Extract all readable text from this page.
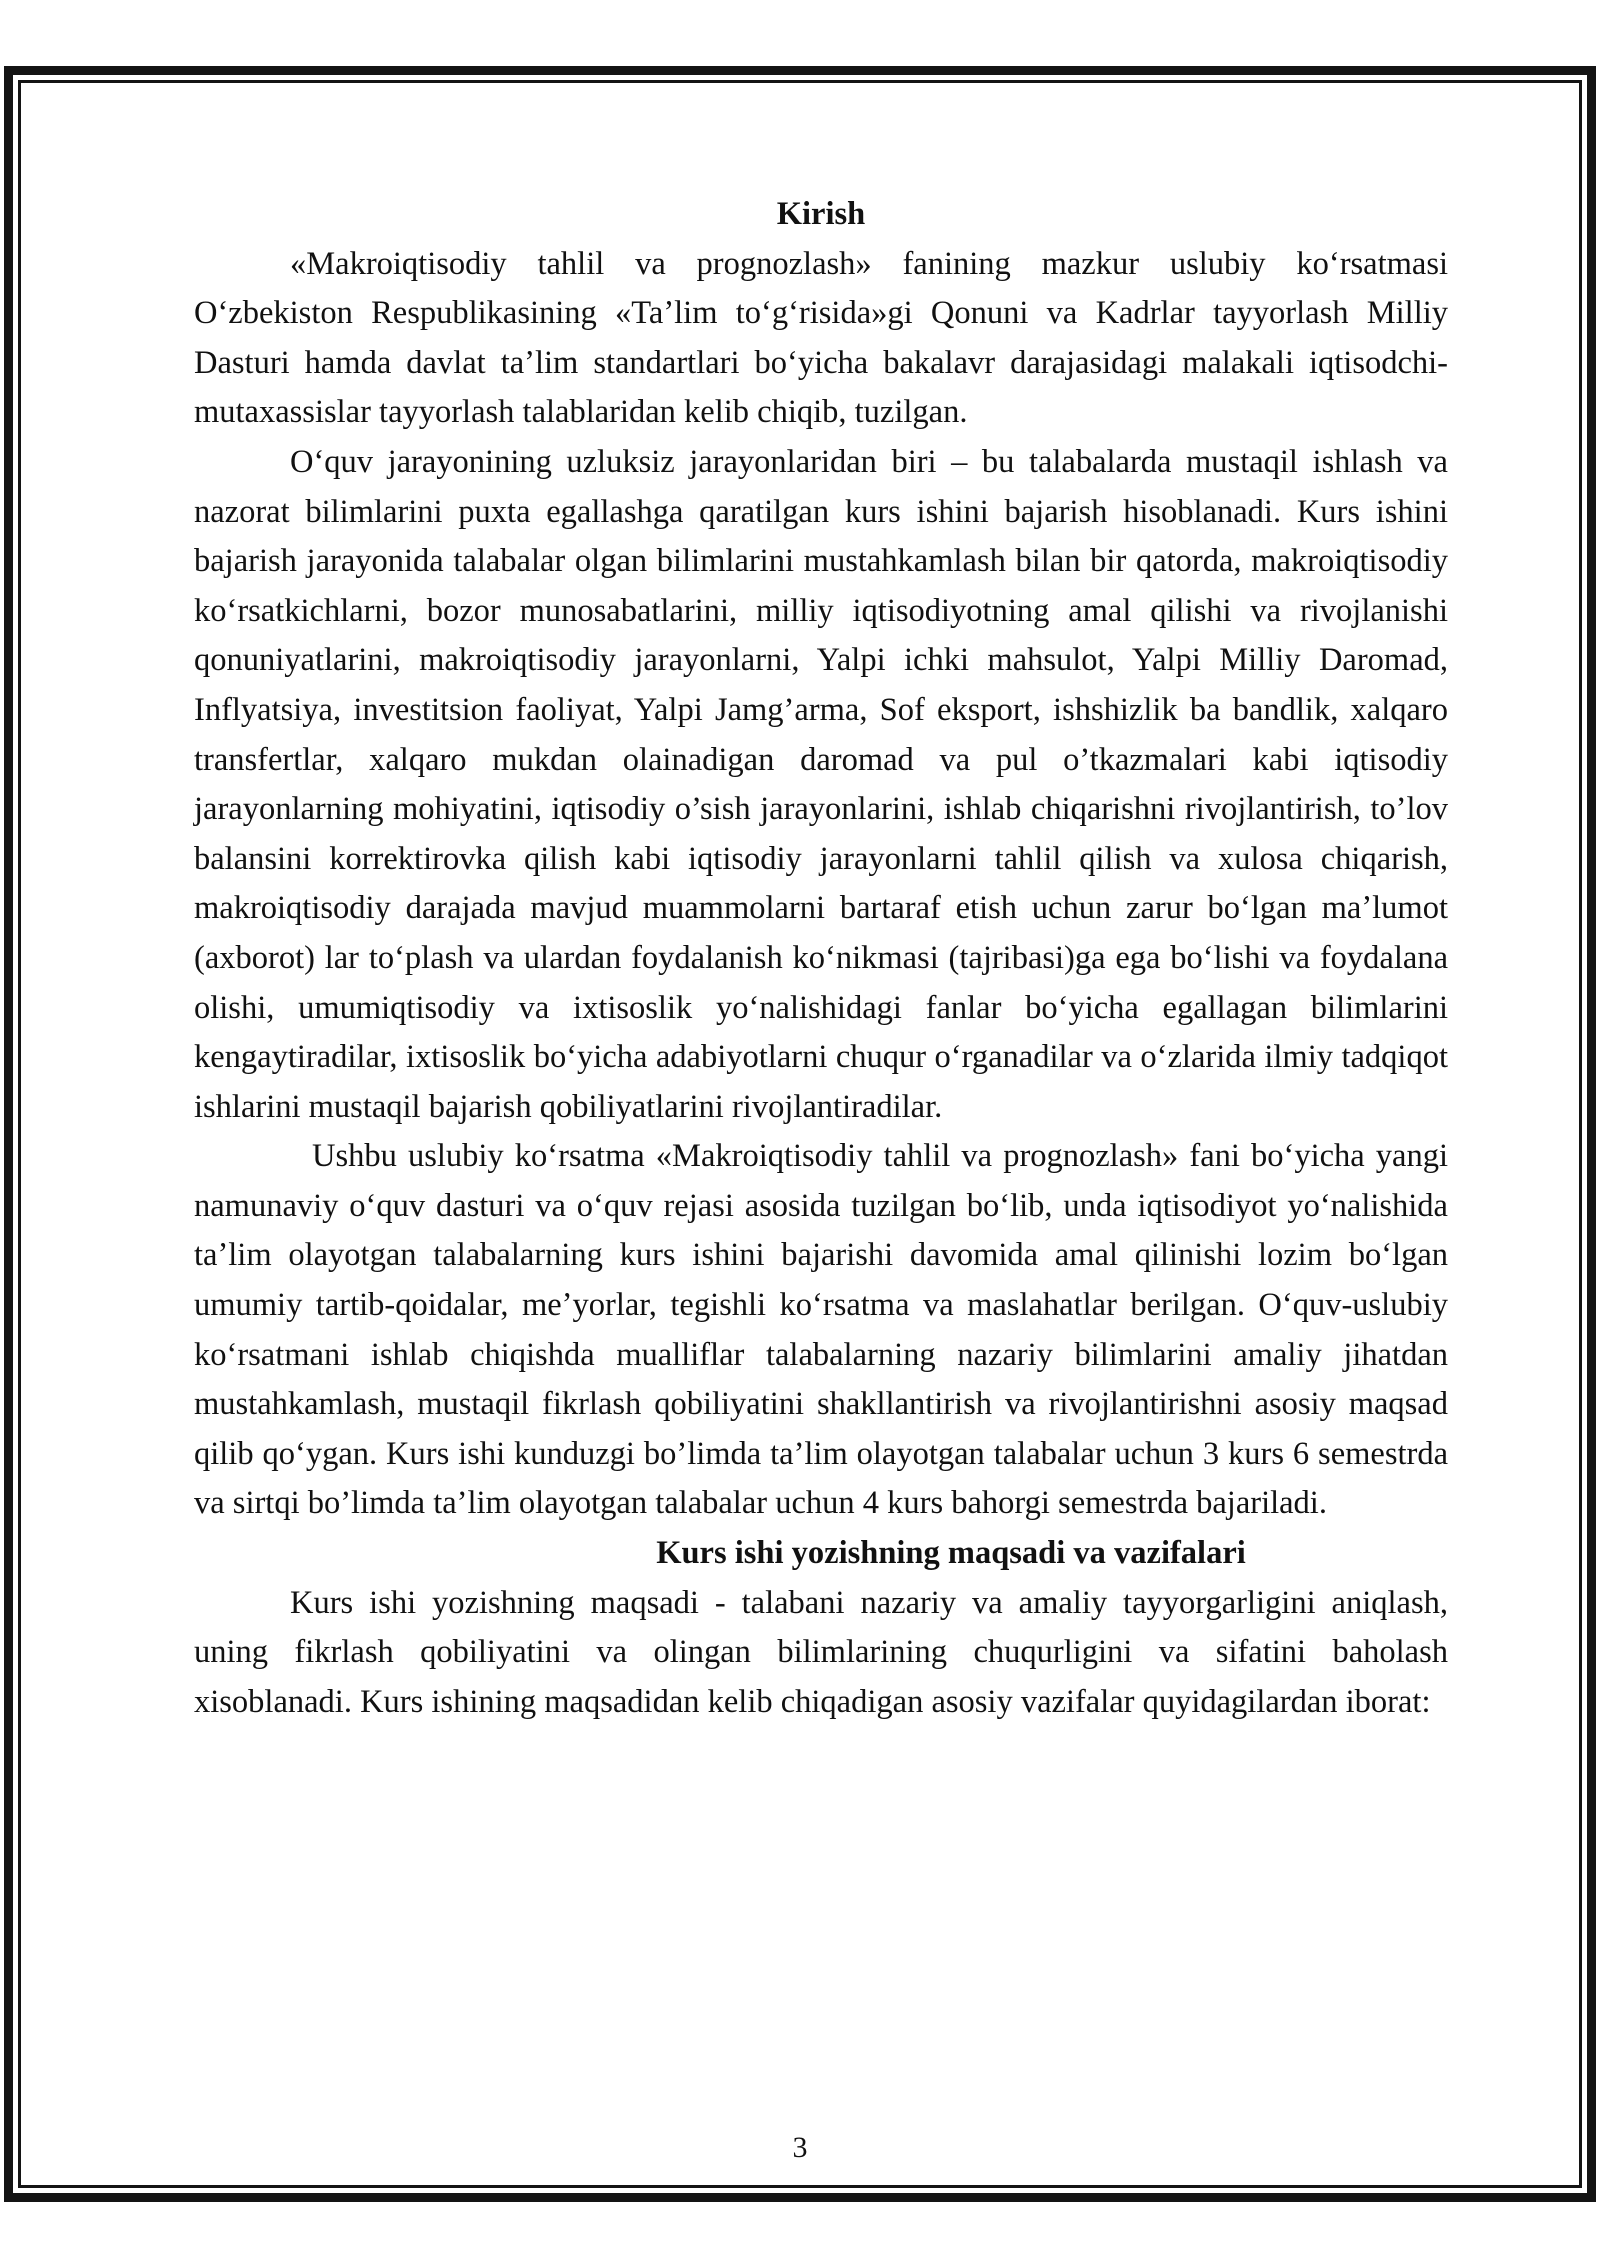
Kirish

«Makroiqtisodiy tahlil va prognozlash» fanining mazkur uslubiy koʻrsatmasi Oʻzbekiston Respublikasining «Taʼlim toʻgʻrisida»gi Qonuni va Kadrlar tayyorlash Milliy Dasturi hamda davlat taʼlim standartlari boʻyicha bakalavr darajasidagi malakali iqtisodchi-mutaxassislar tayyorlash talablaridan kelib chiqib, tuzilgan.

Oʻquv jarayonining uzluksiz jarayonlaridan biri – bu talabalarda mustaqil ishlash va nazorat bilimlarini puxta egallashga qaratilgan kurs ishini bajarish hisoblanadi. Kurs ishini bajarish jarayonida talabalar olgan bilimlarini mustahkamlash bilan bir qatorda, makroiqtisodiy koʻrsatkichlarni, bozor munosabatlarini, milliy iqtisodiyotning amal qilishi va rivojlanishi qonuniyatlarini, makroiqtisodiy jarayonlarni, Yalpi ichki mahsulot, Yalpi Milliy Daromad, Inflyatsiya, investitsion faoliyat, Yalpi Jamg’arma, Sof eksport, ishshizlik ba bandlik, xalqaro transfertlar, xalqaro mukdan olainadigan daromad va pul o’tkazmalari kabi iqtisodiy jarayonlarning mohiyatini, iqtisodiy o’sish jarayonlarini, ishlab chiqarishni rivojlantirish, to’lov balansini korrektirovka qilish kabi iqtisodiy jarayonlarni tahlil qilish va xulosa chiqarish, makroiqtisodiy darajada mavjud muammolarni bartaraf etish uchun zarur boʻlgan maʼlumot (axborot) lar toʻplash va ulardan foydalanish koʻnikmasi (tajribasi)ga ega boʻlishi va foydalana olishi, umumiqtisodiy va ixtisoslik yoʻnalishidagi fanlar boʻyicha egallagan bilimlarini kengaytiradilar, ixtisoslik boʻyicha adabiyotlarni chuqur oʻrganadilar va oʻzlarida ilmiy tadqiqot ishlarini mustaqil bajarish qobiliyatlarini rivojlantiradilar.

Ushbu uslubiy koʻrsatma «Makroiqtisodiy tahlil va prognozlash» fani boʻyicha yangi namunaviy oʻquv dasturi va oʻquv rejasi asosida tuzilgan boʻlib, unda iqtisodiyot yoʻnalishida taʼlim olayotgan talabalarning kurs ishini bajarishi davomida amal qilinishi lozim boʻlgan umumiy tartib-qoidalar, meʼyorlar, tegishli koʻrsatma va maslahatlar berilgan. Oʻquv-uslubiy koʻrsatmani ishlab chiqishda mualliflar talabalarning nazariy bilimlarini amaliy jihatdan mustahkamlash, mustaqil fikrlash qobiliyatini shakllantirish va rivojlantirishni asosiy maqsad qilib qoʻygan. Kurs ishi kunduzgi bo’limda ta’lim olayotgan talabalar uchun 3 kurs 6 semestrda va sirtqi bo’limda ta’lim olayotgan talabalar uchun 4 kurs bahorgi semestrda bajariladi.

Kurs ishi yozishning maqsadi va vazifalari

Kurs ishi yozishning maqsadi - talabani nazariy va amaliy tayyorgarligini aniqlash, uning fikrlash qobiliyatini va olingan bilimlarining chuqurligini va sifatini baholash xisoblanadi. Kurs ishining maqsadidan kelib chiqadigan asosiy vazifalar quyidagilardan iborat:

3
